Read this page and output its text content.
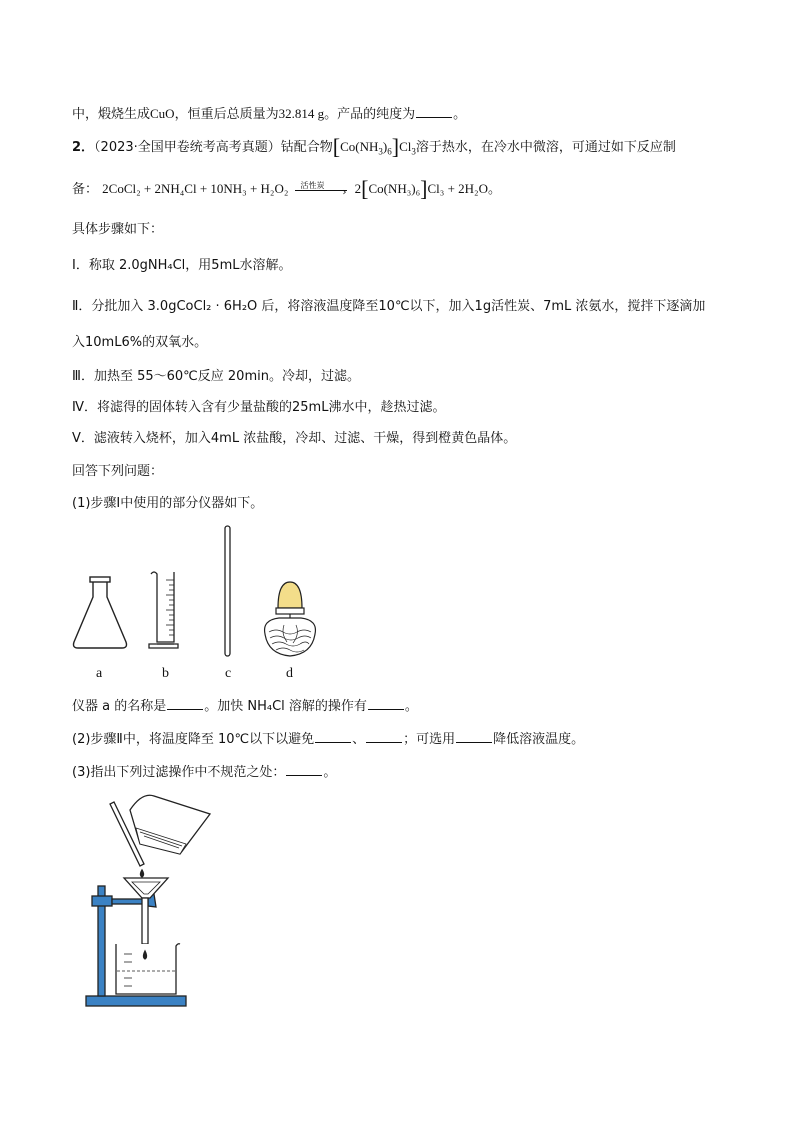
中，煅烧生成CuO，恒重后总质量为32.814 g。产品的纯度为	。
2．（2023·全国甲卷统考高考真题）钴配合物$[Co(NH_3)_6]Cl_3$溶于热水，在冷水中微溶，可通过如下反应制
备： 2CoCl₂ + 2NH₄Cl + 10NH₃ + H₂O₂ 活性炭
› 2[Co(NH₃)₆]Cl₃ + 2H₂O。
具体步骤如下：
Ⅰ．称取 2.0gNH₄Cl，用5mL水溶解。
Ⅱ．分批加入 3.0gCoCl₂ · 6H₂O 后，将溶液温度降至10℃以下，加入1g活性炭、7mL 浓氨水，搅拌下逐滴加
入10mL6%的双氧水。
Ⅲ．加热至 55～60℃反应 20min。冷却，过滤。
Ⅳ．将滤得的固体转入含有少量盐酸的25mL沸水中，趁热过滤。
Ⅴ．滤液转入烧杯，加入4mL 浓盐酸，冷却、过滤、干燥，得到橙黄色晶体。
回答下列问题：
(1)步骤Ⅰ中使用的部分仪器如下。
a	b	c	d
仪器 a 的名称是	。加快 NH₄Cl 溶解的操作有	。
(2)步骤Ⅱ中，将温度降至 10℃以下以避免	、	；可选用	降低溶液温度。
(3)指出下列过滤操作中不规范之处：	。
